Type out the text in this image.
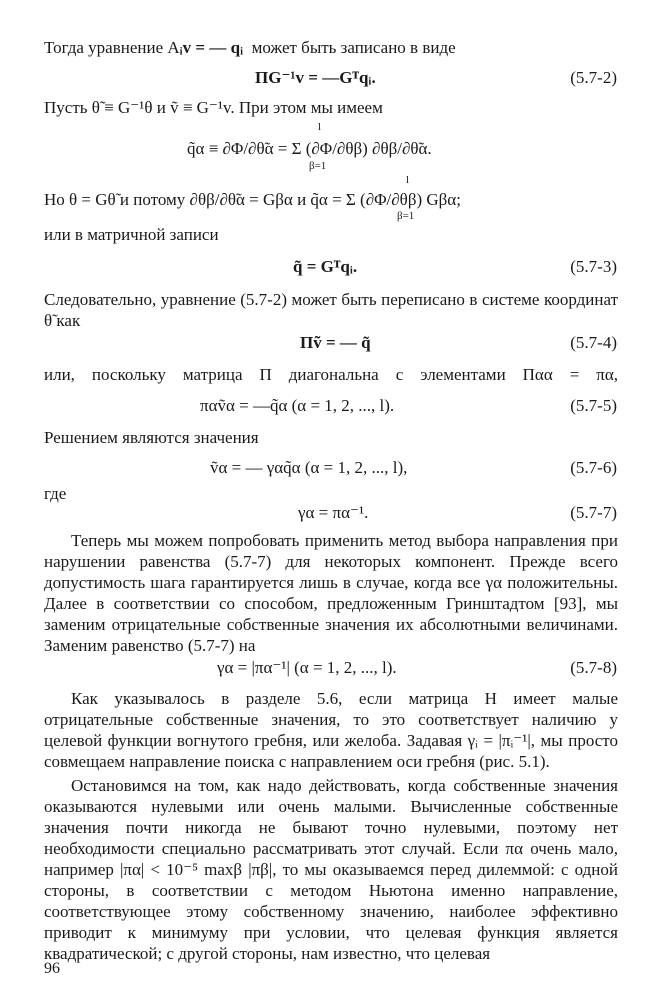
Тогда уравнение Aᵢv = — qᵢ может быть записано в виде
ΠG⁻¹v = —Gᵀqᵢ.	(5.7-2)
Пусть θ̃ ≡ G⁻¹θ и ṽ ≡ G⁻¹v. При этом мы имеем
q̃α ≡ ∂Φ/∂θ̃α = Σ (∂Φ/∂θβ) ∂θβ/∂θ̃α.
l
β=1
Но θ = Gθ̃ и потому ∂θβ/∂θ̃α = Gβα и q̃α = Σ (∂Φ/∂θβ) Gβα;
l
β=1
или в матричной записи
q̃ = Gᵀqᵢ.	(5.7-3)
Следовательно, уравнение (5.7-2) может быть переписано в системе координат θ̃ как
Πṽ = — q̃	(5.7-4)
или, поскольку матрица Π диагональна с элементами Παα = πα,
παṽα = —q̃α (α = 1, 2, ..., l).	(5.7-5)
Решением являются значения
ṽα = — γαq̃α (α = 1, 2, ..., l),	(5.7-6)
где
γα = πα⁻¹.	(5.7-7)
Теперь мы можем попробовать применить метод выбора направления при нарушении равенства (5.7-7) для некоторых компонент. Прежде всего допустимость шага гарантируется лишь в случае, когда все γα положительны. Далее в соответствии со способом, предложенным Гринштадтом [93], мы заменим отрицательные собственные значения их абсолютными величинами. Заменим равенство (5.7-7) на
γα = |πα⁻¹| (α = 1, 2, ..., l).	(5.7-8)
Как указывалось в разделе 5.6, если матрица H имеет малые отрицательные собственные значения, то это соответствует наличию у целевой функции вогнутого гребня, или желоба. Задавая γᵢ = |πᵢ⁻¹|, мы просто совмещаем направление поиска с направлением оси гребня (рис. 5.1).
Остановимся на том, как надо действовать, когда собственные значения оказываются нулевыми или очень малыми. Вычисленные собственные значения почти никогда не бывают точно нулевыми, поэтому нет необходимости специально рассматривать этот случай. Если πα очень мало, например |πα| < 10⁻⁵ maxβ |πβ|, то мы оказываемся перед дилеммой: с одной стороны, в соответствии с методом Ньютона именно направление, соответствующее этому собственному значению, наиболее эффективно приводит к минимуму при условии, что целевая функция является квадратической; с другой стороны, нам известно, что целевая
96
